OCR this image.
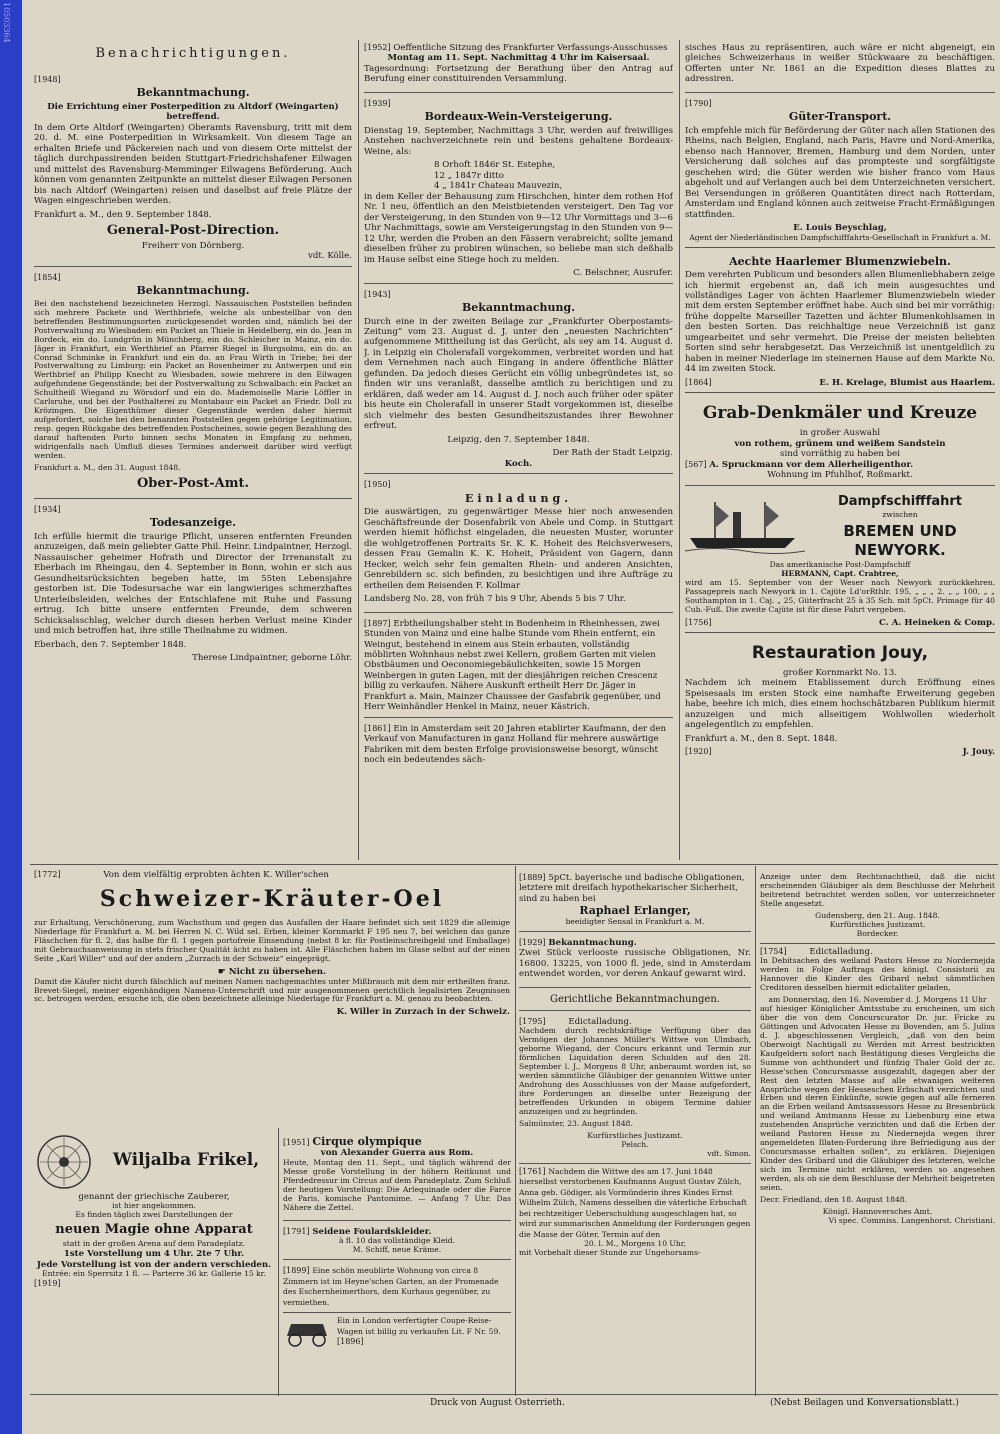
10503364
Benachrichtigungen.
[1948]
Bekanntmachung.
Die Errichtung einer Posterpedition zu Altdorf (Weingarten) betreffend.

In dem Orte Altdorf (Weingarten) Oberamts Ravensburg, tritt mit dem 20. d. M. eine Posterpedition in Wirksamkeit. Von diesem Tage an erhalten Briefe und Päckereien nach und von diesem Orte mittelst der täglich durchpassirenden beiden Stuttgart-Friedrichshafener Eilwagen und mittelst des Ravensburg-Memminger Eilwagens Beförderung. Auch können vom genannten Zeitpunkte an mittelst dieser Eilwagen Personen bis nach Altdorf (Weingarten) reisen und daselbst auf freie Plätze der Wagen eingeschrieben werden.

Frankfurt a. M., den 9. September 1848.

General-Post-Direction.
Freiherr von Dörnberg.
vdt. Kölle.
[1854]
Bekanntmachung.

Bei den nachstehend bezeichneten Herzogl. Nassauischen Poststellen befinden sich mehrere Packete und Werthbriefe, welche als unbestellbar von den betreffenden Bestimmungsorten zurückgesendet worden sind, nämlich bei der Postverwaltung zu Wiesbaden: ein Packet an Thiele in Heidelberg, ein do. Jean in Bordeck, ein do. Lundgrün in Münchberg, ein do. Schleicher in Mainz, ein do. Jäger in Frankfurt, ein Werthbrief an Pfarrer Riegel in Burgsolms, ein do. an Conrad Schminke in Frankfurt und ein do. an Frau Wirth in Triebe; bei der Postverwaltung zu Limburg: ein Packet an Rosenheimer zu Antwerpen und ein Werthbrief an Philipp Knecht zu Wiesbaden, sowie mehrere in den Eilwagen aufgefundene Gegenstände; bei der Postverwaltung zu Schwalbach: ein Packet an Schultheiß Wiegand zu Wörsdorf und ein do. Mademoiselle Marie Löffler in Carlsruhe, und bei der Posthalterei zu Montabaur ein Packet an Friedr. Doll zu Krözingen. Die Eigenthümer dieser Gegenstände werden daher hiermit aufgefordert, solche bei den benannten Poststellen gegen gehörige Legitimation, resp. gegen Rückgabe des betreffenden Postscheines, sowie gegen Bezahlung des darauf haftenden Porto binnen sechs Monaten in Empfang zu nehmen, widrigenfalls nach Umfluß dieses Termines anderweit darüber wird verfügt werden.

Frankfurt a. M., den 31. August 1848.

Ober-Post-Amt.
[1934]
Todesanzeige.

Ich erfülle hiermit die traurige Pflicht, unseren entfernten Freunden anzuzeigen, daß mein geliebter Gatte Phil. Heinr. Lindpaintner, Herzogl. Nassauischer geheimer Hofrath und Director der Irrenanstalt zu Eberbach im Rheingau, den 4. September in Bonn, wohin er sich aus Gesundheitsrücksichten begeben hatte, im 55ten Lebensjahre gestorben ist. Die Todesursache war ein langwieriges schmerzhaftes Unterleibsleiden, welches der Entschlafene mit Ruhe und Fassung ertrug. Ich bitte unsere entfernten Freunde, dem schweren Schicksalsschlag, welcher durch diesen herben Verlust meine Kinder und mich betroffen hat, ihre stille Theilnahme zu widmen.

Eberbach, den 7. September 1848.

Therese Lindpaintner, geborne Löhr.
[1952] Oeffentliche Sitzung des Frankfurter Verfassungs-Ausschusses
Montag am 11. Sept. Nachmittag 4 Uhr im Kaisersaal.

Tagesordnung: Fortsetzung der Berathung über den Antrag auf Berufung einer constituirenden Versammlung.

[1939]
Bordeaux-Wein-Versteigerung.

Dienstag 19. September, Nachmittags 3 Uhr, werden auf freiwilliges Anstehen nachverzeichnete rein und bestens gehaltene Bordeaux-Weine, als:

8 Orhoft 1846r St. Estephe,
12 „ 1847r ditto
4 „ 1841r Chateau Mauvezin,

in dem Keller der Behausung zum Hirschchen, hinter dem rothen Hof Nr. 1 neu, öffentlich an den Meistbietenden versteigert. Den Tag vor der Versteigerung, in den Stunden von 9—12 Uhr Vormittags und 3—6 Uhr Nachmittags, sowie am Versteigerungstag in den Stunden von 9—12 Uhr, werden die Proben an den Fässern verabreicht; sollte jemand dieselben früher zu probiren wünschen, so beliebe man sich deßhalb im Hause selbst eine Stiege hoch zu melden.

C. Belschner, Ausrufer.
[1943]
Bekanntmachung.

Durch eine in der zweiten Beilage zur „Frankfurter Oberpostamts-Zeitung“ vom 23. August d. J. unter den „neuesten Nachrichten“ aufgenommene Mittheilung ist das Gerücht, als sey am 14. August d. J. in Leipzig ein Cholerafall vorgekommen, verbreitet worden und hat dem Vernehmen nach auch Eingang in andere öffentliche Blätter gefunden. Da jedoch dieses Gerücht ein völlig unbegründetes ist, so finden wir uns veranlaßt, dasselbe amtlich zu berichtigen und zu erklären, daß weder am 14. August d. J. noch auch früher oder später bis heute ein Cholerafall in unserer Stadt vorgekommen ist, dieselbe sich vielmehr des besten Gesundheitszustandes ihrer Bewohner erfreut.

Leipzig, den 7. September 1848.

Der Rath der Stadt Leipzig.
Koch.
[1950]
Einladung.

Die auswärtigen, zu gegenwärtiger Messe hier noch anwesenden Geschäftsfreunde der Dosenfabrik von Abele und Comp. in Stuttgart werden hiemit höflichst eingeladen, die neuesten Muster, worunter die wohlgetroffenen Portraits Sr. K. K. Hoheit des Reichsverwesers, dessen Frau Gemalin K. K. Hoheit, Präsident von Gagern, dann Hecker, welch sehr fein gemalten Rhein- und anderen Ansichten, Genrebildern sc. sich befinden, zu besichtigen und ihre Aufträge zu ertheilen dem Reisenden F. Kollmar

Landsberg No. 28, von früh 7 bis 9 Uhr, Abends 5 bis 7 Uhr.

[1897] Erbtheilungshalber steht in Bodenheim in Rheinhessen, zwei Stunden von Mainz und eine halbe Stunde vom Rhein entfernt, ein Weingut, bestehend in einem aus Stein erbauten, vollständig möblirten Wohnhaus nebst zwei Kellern, großem Garten mit vielen Obstbäumen und Oeconomiegebäulichkeiten, sowie 15 Morgen Weinbergen in guten Lagen, mit der diesjährigen reichen Crescenz billig zu verkaufen. Nähere Auskunft ertheilt Herr Dr. Jäger in Frankfurt a. Main, Mainzer Chaussee der Gasfabrik gegenüber, und Herr Weinhändler Henkel in Mainz, neuer Kästrich.
[1861] Ein in Amsterdam seit 20 Jahren etablirter Kaufmann, der den Verkauf von Manufacturen in ganz Holland für mehrere auswärtige Fabriken mit dem besten Erfolge provisionsweise besorgt, wünscht noch ein bedeutendes säch-

sisches Haus zu repräsentiren, auch wäre er nicht abgeneigt, ein gleiches Schweizerhaus in weißer Stückwaare zu beschäftigen. Offerten unter Nr. 1861 an die Expedition dieses Blattes zu adressiren.

[1790]
Güter-Transport.

Ich empfehle mich für Beförderung der Güter nach allen Stationen des Rheins, nach Belgien, England, nach Paris, Havre und Nord-Amerika, ebenso nach Hannover, Bremen, Hamburg und dem Norden, unter Versicherung daß solches auf das prompteste und sorgfältigste geschehen wird; die Güter werden wie bisher franco vom Haus abgeholt und auf Verlangen auch bei dem Unterzeichneten versichert. Bei Versendungen in größeren Quantitäten direct nach Rotterdam, Amsterdam und England können auch zeitweise Fracht-Ermäßigungen stattfinden.

E. Louis Beyschlag,
Agent der Niederländischen Dampfschifffahrts-Gesellschaft in Frankfurt a. M.
Aechte Haarlemer Blumenzwiebeln.

Dem verehrten Publicum und besonders allen Blumenliebhabern zeige ich hiermit ergebenst an, daß ich mein ausgesuchtes und vollständiges Lager von ächten Haarlemer Blumenzwiebeln wieder mit dem ersten September eröffnet habe. Auch sind bei mir vorräthig: frühe doppelte Marseiller Tazetten und ächter Blumenkohlsamen in den besten Sorten. Das reichhaltige neue Verzeichniß ist ganz umgearbeitet und sehr vermehrt. Die Preise der meisten beliebten Sorten sind sehr herabgesetzt. Das Verzeichniß ist unentgeldlich zu haben in meiner Niederlage im steinernen Hause auf dem Markte No. 44 im zweiten Stock.

[1864]	E. H. Krelage, Blumist aus Haarlem.
Grab-Denkmäler und Kreuze
in großer Auswahl
von rothem, grünem und weißem Sandstein
sind vorräthig zu haben bei
[567] A. Spruckmann vor dem Allerheiligenthor.
Wohnung im Pfuhlhof, Roßmarkt.
Dampfschifffahrt
zwischen
BREMEN UND NEWYORK.
Das amerikanische Post-Dampfschiff
HERMANN, Capt. Crabtree,

wird am 15. September von der Weser nach Newyork zurückkehren. Passagepreis nach Newyork in 1. Cajüte Ld'orRthlr. 195, „ „ „ 2. „ „ 100, „ „ Southampton in 1. Caj. „ 25, Güterfracht 25 à 35 Sch. mit 5pCt. Primage für 40 Cub.-Fuß. Die zweite Cajüte ist für diese Fahrt vergeben.

[1756]	C. A. Heineken & Comp.
Restauration Jouy,
großer Kornmarkt No. 13.

Nachdem ich meinem Etablissement durch Eröffnung eines Speisesaals im ersten Stock eine namhafte Erweiterung gegeben habe, beehre ich mich, dies einem hochschätzbaren Publikum hiermit anzuzeigen und mich allseitigem Wohlwollen wiederholt angelegentlich zu empfehlen.

Frankfurt a. M., den 8. Sept. 1848.

[1920]	J. Jouy.
[1772]	Von dem vielfältig erprobten ächten K. Willer'schen
Schweizer-Kräuter-Oel

zur Erhaltung, Verschönerung, zum Wachsthum und gegen das Ausfallen der Haare befindet sich seit 1829 die alleinige Niederlage für Frankfurt a. M. bei Herren N. C. Wild sel. Erben, kleiner Kornmarkt F 195 neu 7, bei welchen das ganze Fläschchen für fl. 2, das halbe für fl. 1 gegen portofreie Einsendung (nebst 8 kr. für Postleinschreibgeld und Emballage) mit Gebrauchsanweisung in stets frischer Qualität ächt zu haben ist. Alle Fläschchen haben im Glase selbst auf der einen Seite „Karl Willer“ und auf der andern „Zurzach in der Schweiz“ eingeprägt.

☛ Nicht zu übersehen.

Damit die Käufer nicht durch fälschlich auf meinen Namen nachgemachtes unter Mißbrauch mit dem mir ertheilten franz. Brevet-Siegel, meiner eigenhändigen Namens-Unterschrift und mir ausgenommenen gerichtlich legalisirten Zeugnissen sc. betrogen werden, ersuche ich, die oben bezeichnete alleinige Niederlage für Frankfurt a. M. genau zu beobachten.

K. Willer in Zurzach in der Schweiz.
Wiljalba Frikel,
genannt der griechische Zauberer,
ist hier angekommen.
Es finden täglich zwei Darstellungen der
neuen Magie ohne Apparat
statt in der großen Arena auf dem Paradeplatz.
1ste Vorstellung um 4 Uhr. 2te 7 Uhr.
Jede Vorstellung ist von der andern verschieden.
Entrée: ein Sperrsitz 1 fl. — Parterre 36 kr. Gallerie 15 kr.
[1919]
[1951] Cirque olympique
von Alexander Guerra aus Rom.

Heute, Montag den 11. Sept., und täglich während der Messe große Vorstellung in der höhern Reitkunst und Pferdedressur im Circus auf dem Paradeplatz. Zum Schluß der heutigen Vorstellung: Die Arlequinade oder die Farce de Paris, komische Pantomime. — Anfang 7 Uhr. Das Nähere die Zettel.

[1791] Seidene Foulardskleider.
à fl. 10 das vollständige Kleid.
M. Schiff, neue Kräme.
[1899] Eine schön meublirte Wohnung von circa 8 Zimmern ist im Heyne'schen Garten, an der Promenade des Eschernheimerthors, dem Kurhaus gegenüber, zu vermiethen.
Ein in London verfertigter Coupe-Reise-Wagen ist billig zu verkaufen Lit. F Nr. 59. [1896]
[1889] 5pCt. bayerische und badische Obligationen, letztere mit dreifach hypothekarischer Sicherheit, sind zu haben bei
Raphael Erlanger,
beeidigter Sensal in Frankfurt a. M.
[1929] Bekanntmachung.

Zwei Stück verlooste russische Obligationen, Nr. 16800. 13225, von 1000 fl. jede, sind in Amsterdam entwendet worden, vor deren Ankauf gewarnt wird.

Gerichtliche Bekanntmachungen.
[1795]	Edictalladung.

Nachdem durch rechtskräftige Verfügung über das Vermögen der Johannes Müller's Wittwe von Ulmbach, geborne Wiegand, der Concurs erkannt und Termin zur förmlichen Liquidation deren Schulden auf den 28. September l. J., Morgens 8 Uhr, anberaumt worden ist, so werden sämmtliche Gläubiger der genannten Wittwe unter Androhung des Ausschlusses von der Masse aufgefordert, ihre Forderungen an dieselbe unter Bezeigung der betreffenden Urkunden in obigem Termine dahier anzuzeigen und zu begründen.

Salmünster, 23. August 1848.

Kurfürstliches Justizamt.
Pelsch.
vdt. Simon.
[1761] Nachdem die Wittwe des am 17. Juni 1848 hierselbst verstorbenen Kaufmanns August Gustav Zülch, Anna geb. Gödiger, als Vormünderin ihres Kindes Ernst Wilhelm Zülch, Namens desselben die väterliche Erbschaft bei rechtzeitiger Ueberschuldung ausgeschlagen hat, so wird zur summarischen Anmeldung der Forderungen gegen die Masse der Güter, Termin auf den
20. l. M., Morgens 10 Uhr,

mit Vorbehalt dieser Stunde zur Ungehorsams-

Anzeige unter dem Rechtsnachtheil, daß die nicht erscheinenden Gläubiger als dem Beschlusse der Mehrheit beitretend betrachtet werden sollen, vor unterzeichneter Stelle angesetzt.

Gudensberg, den 21. Aug. 1848.
Kurfürstliches Justizamt.
Bordecker.
[1754]	Edictalladung.

In Debitsachen des weiland Pastors Hesse zu Nordernejda werden in Folge Auftrags des königl. Consistorii zu Hannover die Kinder des Gribard nebst sämmtlichen Creditoren desselben hiermit edictaliter geladen,

am Donnerstag, den 16. November d. J. Morgens 11 Uhr

auf hiesiger Königlicher Amtsstube zu erscheinen, um sich über die von dem Concurscurator Dr. jur. Fricke zu Göttingen und Advocaten Hesse zu Bovenden, am 5. Julius d. J. abgeschlossenen Vergleich, „daß von den beim Oberwoigt Nachtigall zu Werden mit Arrest bestrickten Kaufgeldern sofort nach Bestätigung dieses Vergleichs die Summe von achthundert und fünfzig Thaler Gold der zc. Hesse'schen Concursmasse ausgezahlt, dagegen aber der Rest den letzten Masse auf alle etwanigen weiteren Ansprüche wegen der Hesseschen Erbschaft verzichten und Erben und deren Einkünfte, sowie gegen auf alle ferneren an die Erben weiland Amtsassessors Hesse zu Bresenbrück und weiland Amtmanns Hesse zu Liebenburg eine etwa zustehenden Ansprüche verzichten und daß die Erben der weiland Pastoren Hesse zu Niedernejda wegen ihrer angemeldeten Illaten-Forderung ihre Befriedigung aus der Concursmasse erhalten sollen“, zu erklären. Diejenigen Kinder des Gribard und die Gläubiger des letzteren, welche sich im Termine nicht erklären, werden so angesehen werden, als ob sie dem Beschlusse der Mehrheit beigetreten seien.

Decr. Friedland, den 18. August 1848.

Königl. Hannoversches Amt.
Vi spec. Commiss. Langenhorst. Christiani.
Druck von August Osterrieth.	(Nebst Beilagen und Konversationsblatt.)
